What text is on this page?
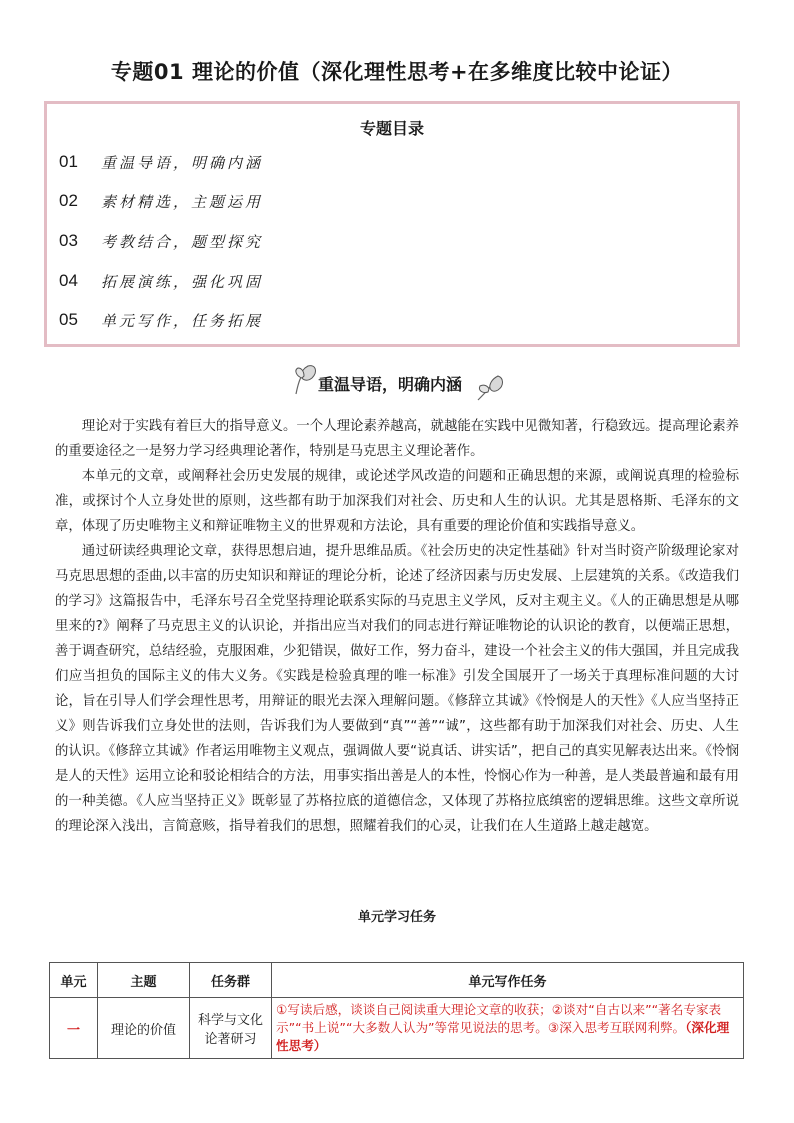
专题01 理论的价值（深化理性思考+在多维度比较中论证）
专题目录
01	重温导语，明确内涵
02	素材精选，主题运用
03	考教结合，题型探究
04	拓展演练，强化巩固
05	单元写作，任务拓展
重温导语，明确内涵

理论对于实践有着巨大的指导意义。一个人理论素养越高，就越能在实践中见微知著，行稳致远。提高理论素养的重要途径之一是努力学习经典理论著作，特别是马克思主义理论著作。

本单元的文章，或阐释社会历史发展的规律，或论述学风改造的问题和正确思想的来源，或阐说真理的检验标准，或探讨个人立身处世的原则，这些都有助于加深我们对社会、历史和人生的认识。尤其是恩格斯、毛泽东的文章，体现了历史唯物主义和辩证唯物主义的世界观和方法论，具有重要的理论价值和实践指导意义。

通过研读经典理论文章，获得思想启迪，提升思维品质。《社会历史的决定性基础》针对当时资产阶级理论家对马克思思想的歪曲,以丰富的历史知识和辩证的理论分析，论述了经济因素与历史发展、上层建筑的关系。《改造我们的学习》这篇报告中，毛泽东号召全党坚持理论联系实际的马克思主义学风，反对主观主义。《人的正确思想是从哪里来的?》阐释了马克思主义的认识论，并指出应当对我们的同志进行辩证唯物论的认识论的教育，以便端正思想，善于调查研究，总结经验，克服困难，少犯错误，做好工作，努力奋斗，建设一个社会主义的伟大强国，并且完成我们应当担负的国际主义的伟大义务。《实践是检验真理的唯一标准》引发全国展开了一场关于真理标准问题的大讨论，旨在引导人们学会理性思考，用辩证的眼光去深入理解问题。《修辞立其诚》《怜悯是人的天性》《人应当坚持正义》则告诉我们立身处世的法则，告诉我们为人要做到“真”“善”“诚”，这些都有助于加深我们对社会、历史、人生的认识。《修辞立其诚》作者运用唯物主义观点，强调做人要“说真话、讲实话”，把自己的真实见解表达出来。《怜悯是人的天性》运用立论和驳论相结合的方法，用事实指出善是人的本性，怜悯心作为一种善，是人类最普遍和最有用的一种美德。《人应当坚持正义》既彰显了苏格拉底的道德信念，又体现了苏格拉底缜密的逻辑思维。这些文章所说的理论深入浅出，言简意赅，指导着我们的思想，照耀着我们的心灵，让我们在人生道路上越走越宽。

单元学习任务
单元	主题	任务群	单元写作任务
一	理论的价值	科学与文化论著研习	①写读后感，谈谈自己阅读重大理论文章的收获；②谈对“自古以来”“著名专家表示”“书上说”“大多数人认为”等常见说法的思考。③深入思考互联网利弊。（深化理性思考）
